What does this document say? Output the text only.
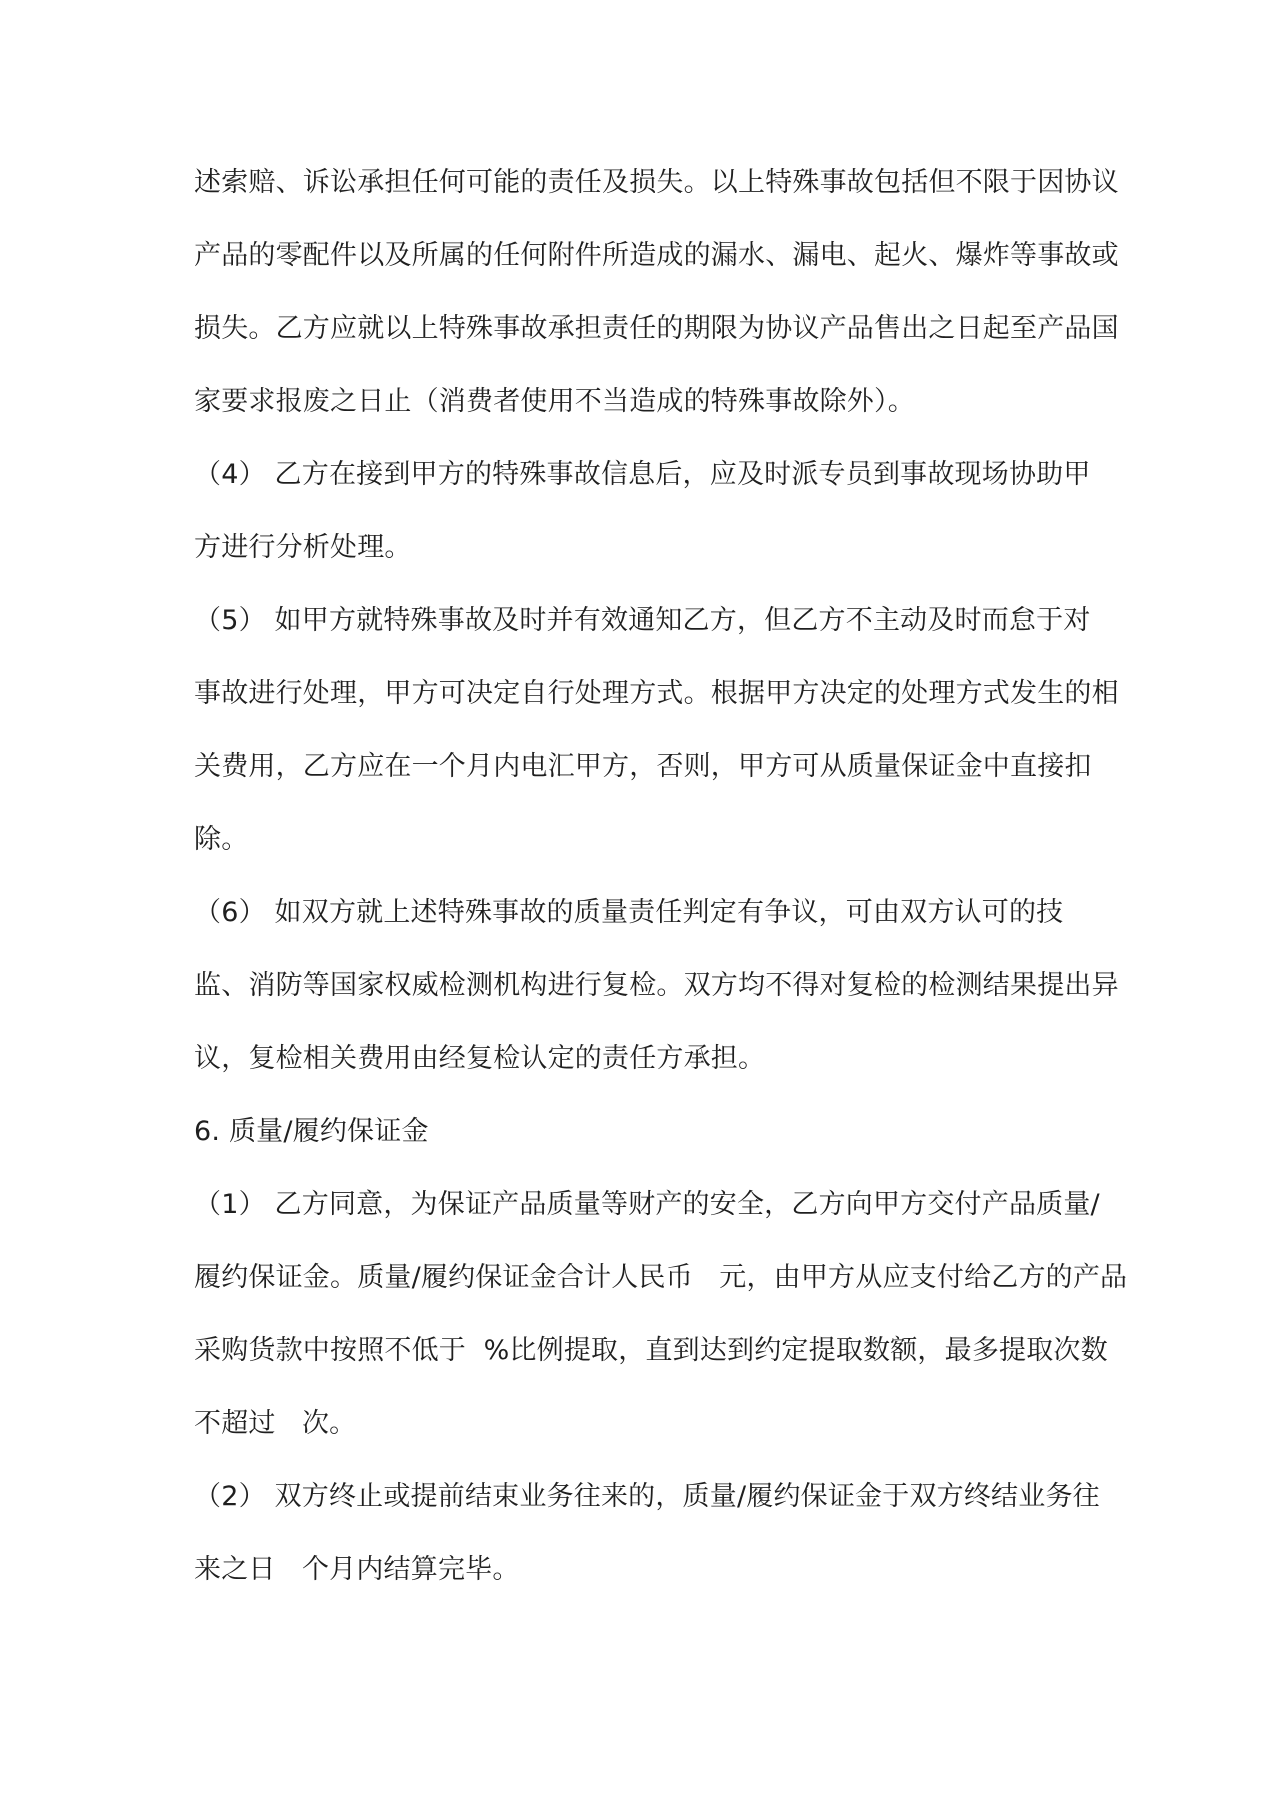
述索赔、诉讼承担任何可能的责任及损失。以上特殊事故包括但不限于因协议
产品的零配件以及所属的任何附件所造成的漏水、漏电、起火、爆炸等事故或
损失。乙方应就以上特殊事故承担责任的期限为协议产品售出之日起至产品国
家要求报废之日止（消费者使用不当造成的特殊事故除外）。
（4） 乙方在接到甲方的特殊事故信息后，应及时派专员到事故现场协助甲
方进行分析处理。
（5） 如甲方就特殊事故及时并有效通知乙方，但乙方不主动及时而怠于对
事故进行处理，甲方可决定自行处理方式。根据甲方决定的处理方式发生的相
关费用，乙方应在一个月内电汇甲方，否则，甲方可从质量保证金中直接扣
除。
（6） 如双方就上述特殊事故的质量责任判定有争议，可由双方认可的技
监、消防等国家权威检测机构进行复检。双方均不得对复检的检测结果提出异
议，复检相关费用由经复检认定的责任方承担。
6. 质量/履约保证金
（1） 乙方同意，为保证产品质量等财产的安全，乙方向甲方交付产品质量/
履约保证金。质量/履约保证金合计人民币   元，由甲方从应支付给乙方的产品
采购货款中按照不低于  %比例提取，直到达到约定提取数额，最多提取次数
不超过   次。
（2） 双方终止或提前结束业务往来的，质量/履约保证金于双方终结业务往
来之日   个月内结算完毕。
